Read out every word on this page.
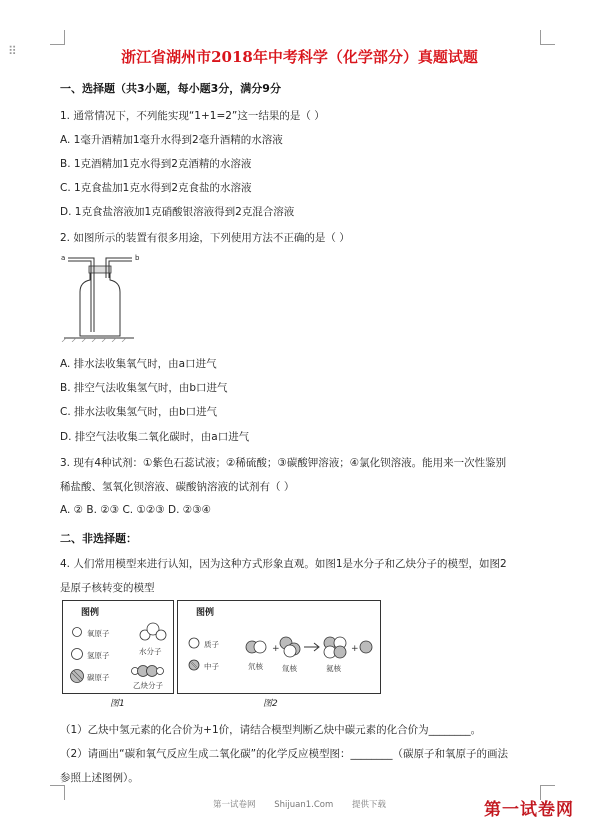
⠿	浙江省湖州市2018年中考科学（化学部分）真题试题
一、选择题（共3小题，每小题3分，满分9分
1. 通常情况下，不列能实现“1+1=2”这一结果的是（ ）
A. 1毫升酒精加1毫升水得到2毫升酒精的水溶液
B. 1克酒精加1克水得到2克酒精的水溶液
C. 1克食盐加1克水得到2克食盐的水溶液
D. 1克食盐溶液加1克硝酸银溶液得到2克混合溶液
2. 如图所示的装置有很多用途，下列使用方法不正确的是（ ）
a	b
A. 排水法收集氧气时，由a口进气
B. 排空气法收集氢气时，由b口进气
C. 排水法收集氢气时，由b口进气
D. 排空气法收集二氧化碳时，由a口进气
3. 现有4种试剂：①紫色石蕊试液；②稀硫酸；③碳酸钾溶液；④氯化钡溶液。能用来一次性鉴别
稀盐酸、氢氧化钡溶液、碳酸钠溶液的试剂有（ ）
A. ② B. ②③ C. ①②③ D. ②③④
二、非选择题：
4. 人们常用模型来进行认知，因为这种方式形象直观。如图1是水分子和乙炔分子的模型，如图2
是原子核转变的模型
图例
氧原子
氢原子
碳原子
水分子
乙炔分子
图1
图例
+	+
质子
中子	氘核	氚核	氦核
图2
（1）乙炔中氢元素的化合价为+1价，请结合模型判断乙炔中碳元素的化合价为________。
（2）请画出“碳和氧气反应生成二氧化碳”的化学反应模型图：________（碳原子和氧原子的画法
参照上述图例）。
第一试卷网 Shijuan1.Com 提供下载	第一试卷网
